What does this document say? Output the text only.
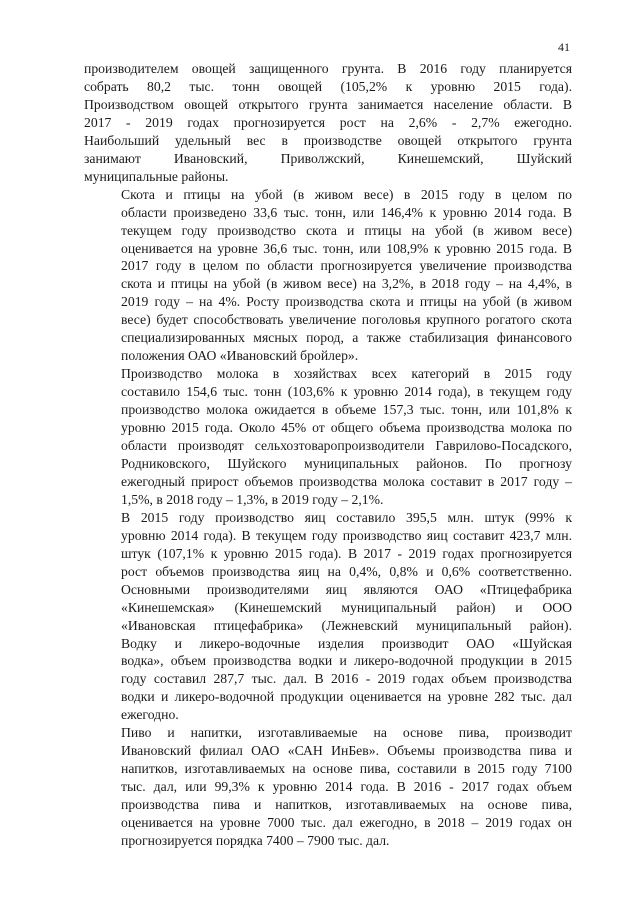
41

производителем овощей защищенного грунта. В 2016 году планируется
собрать 80,2 тыс. тонн овощей (105,2% к уровню 2015 года).
Производством овощей открытого грунта занимается население области. В
2017 - 2019 годах прогнозируется рост на 2,6% - 2,7% ежегодно.
Наибольший удельный вес в производстве овощей открытого грунта
занимают Ивановский, Приволжский, Кинешемский, Шуйский
муниципальные районы.

Скота и птицы на убой (в живом весе) в 2015 году в целом по
области произведено 33,6 тыс. тонн, или 146,4% к уровню 2014 года. В
текущем году производство скота и птицы на убой (в живом весе)
оценивается на уровне 36,6 тыс. тонн, или 108,9% к уровню 2015 года. В
2017 году в целом по области прогнозируется увеличение производства
скота и птицы на убой (в живом весе) на 3,2%, в 2018 году – на 4,4%, в
2019 году – на 4%. Росту производства скота и птицы на убой (в живом
весе) будет способствовать увеличение поголовья крупного рогатого скота
специализированных мясных пород, а также стабилизация финансового
положения ОАО «Ивановский бройлер».

Производство молока в хозяйствах всех категорий в 2015 году
составило 154,6 тыс. тонн (103,6% к уровню 2014 года), в текущем году
производство молока ожидается в объеме 157,3 тыс. тонн, или 101,8% к
уровню 2015 года. Около 45% от общего объема производства молока по
области производят сельхозтоваропроизводители Гаврилово-Посадского,
Родниковского, Шуйского муниципальных районов. По прогнозу
ежегодный прирост объемов производства молока составит в 2017 году –
1,5%, в 2018 году – 1,3%, в 2019 году – 2,1%.

В 2015 году производство яиц составило 395,5 млн. штук (99% к
уровню 2014 года). В текущем году производство яиц составит 423,7 млн.
штук (107,1% к уровню 2015 года). В 2017 - 2019 годах прогнозируется
рост объемов производства яиц на 0,4%, 0,8% и 0,6% соответственно.
Основными производителями яиц являются ОАО «Птицефабрика
«Кинешемская» (Кинешемский муниципальный район) и ООО
«Ивановская птицефабрика» (Лежневский муниципальный район).

Водку и ликеро-водочные изделия производит ОАО «Шуйская
водка», объем производства водки и ликеро-водочной продукции в 2015
году составил 287,7 тыс. дал. В 2016 - 2019 годах объем производства
водки и ликеро-водочной продукции оценивается на уровне 282 тыс. дал
ежегодно.

Пиво и напитки, изготавливаемые на основе пива, производит
Ивановский филиал ОАО «САН ИнБев». Объемы производства пива и
напитков, изготавливаемых на основе пива, составили в 2015 году 7100
тыс. дал, или 99,3% к уровню 2014 года. В 2016 - 2017 годах объем
производства пива и напитков, изготавливаемых на основе пива,
оценивается на уровне 7000 тыс. дал ежегодно, в 2018 – 2019 годах он
прогнозируется порядка 7400 – 7900 тыс. дал.
